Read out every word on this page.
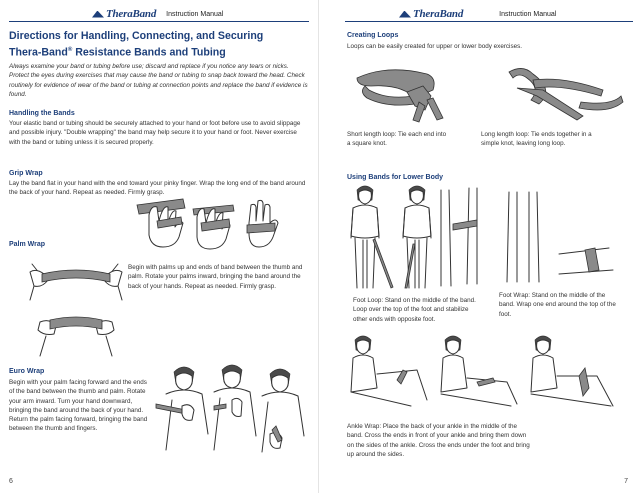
TheraBand Instruction Manual
Directions for Handling, Connecting, and Securing
Thera-Band® Resistance Bands and Tubing
Always examine your band or tubing before use; discard and replace if you notice any tears or nicks. Protect the eyes during exercises that may cause the band or tubing to snap back toward the head. Check routinely for evidence of wear of the band or tubing at connection points and replace the band if evidence is found.
Handling the Bands
Your elastic band or tubing should be securely attached to your hand or foot before use to avoid slippage and possible injury. "Double wrapping" the band may help secure it to your hand or foot. Never exercise with the band or tubing unless it is secured properly.
Grip Wrap
Lay the band flat in your hand with the end toward your pinky finger. Wrap the long end of the band around the back of your hand. Repeat as needed. Firmly grasp.
Palm Wrap
Begin with palms up and ends of band between the thumb and palm. Rotate your palms inward, bringing the band around the back of your hands. Repeat as needed. Firmly grasp.
Euro Wrap
Begin with your palm facing forward and the ends of the band between the thumb and palm. Rotate your arm inward. Turn your hand downward, bringing the band around the back of your hand. Return the palm facing forward, bringing the band between the thumb and fingers.
6
TheraBand	Instruction Manual
Creating Loops
Loops can be easily created for upper or lower body exercises.
Short length loop: Tie each end into a square knot.
Long length loop: Tie ends together in a simple knot, leaving long loop.
Using Bands for Lower Body
Foot Loop: Stand on the middle of the band. Loop over the top of the foot and stabilize other ends with opposite foot.
Foot Wrap: Stand on the middle of the band. Wrap one end around the top of the foot.
Ankle Wrap: Place the back of your ankle in the middle of the band. Cross the ends in front of your ankle and bring them down on the sides of the ankle. Cross the ends under the foot and bring up around the sides.
7
